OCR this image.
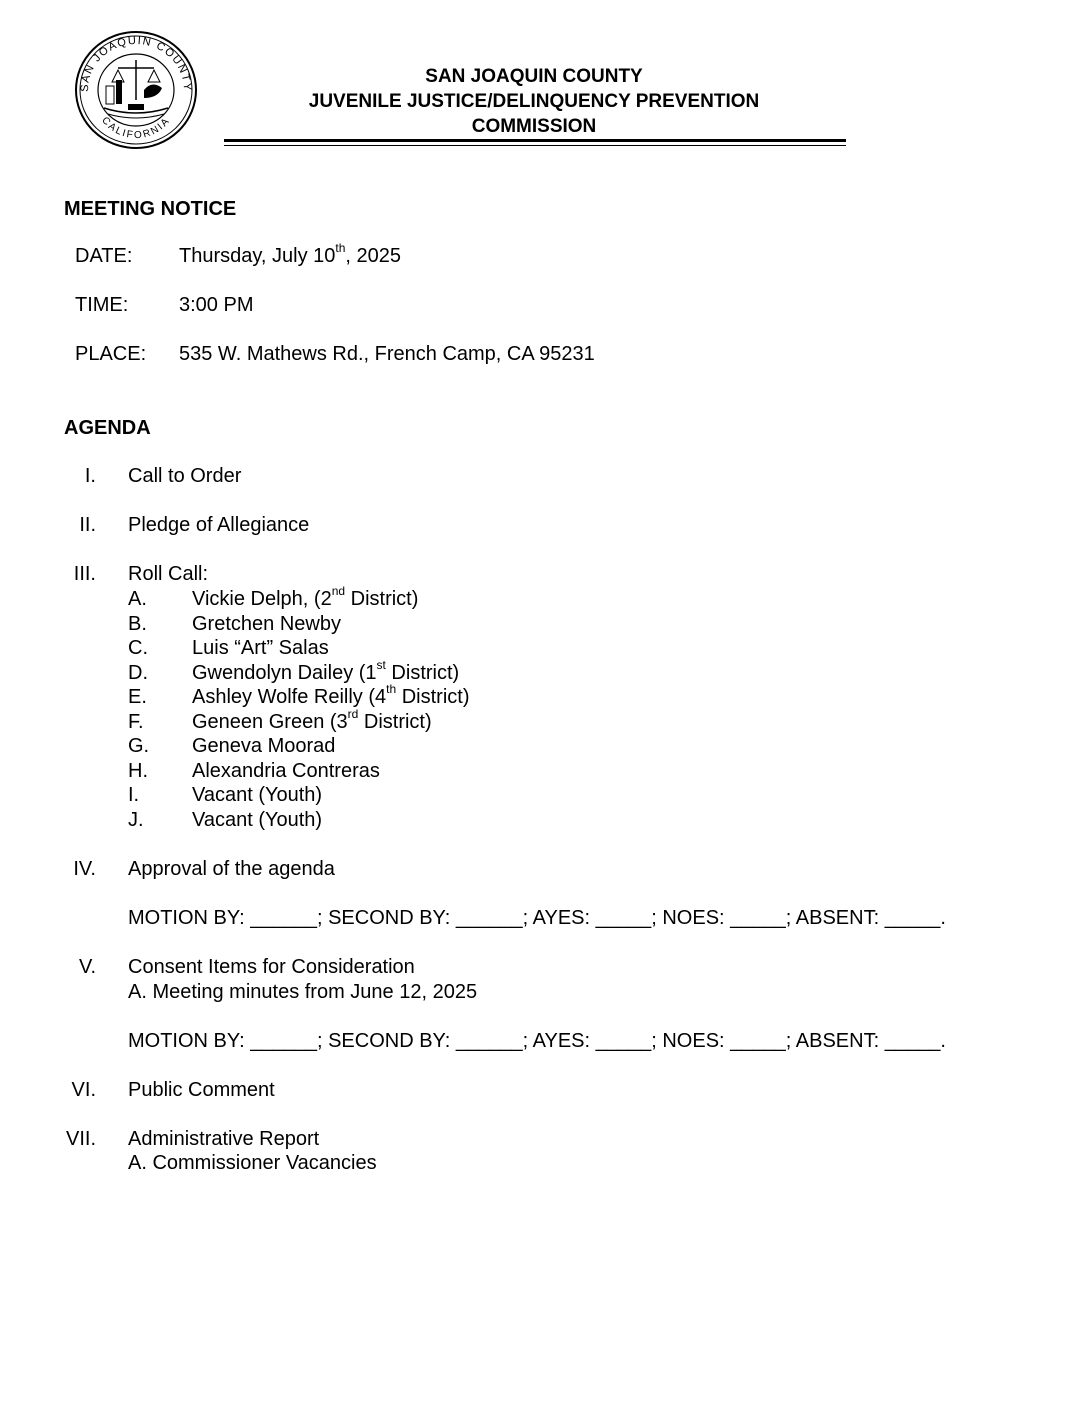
SAN JOAQUIN COUNTY
CALIFORNIA
SAN JOAQUIN COUNTY
JUVENILE JUSTICE/DELINQUENCY PREVENTION
COMMISSION
MEETING NOTICE
DATE: Thursday, July 10th, 2025
TIME:	3:00 PM
PLACE: 535 W. Mathews Rd., French Camp, CA 95231
AGENDA
I. Call to Order
II. Pledge of Allegiance
III. Roll Call:
A. Vickie Delph, (2nd District)
B. Gretchen Newby
C. Luis “Art” Salas
D. Gwendolyn Dailey (1st District)
E. Ashley Wolfe Reilly (4th District)
F. Geneen Green (3rd District)
G. Geneva Moorad
H. Alexandria Contreras
I.	Vacant (Youth)
J. Vacant (Youth)
IV. Approval of the agenda
MOTION BY: ______; SECOND BY: ______; AYES: _____; NOES: _____; ABSENT: _____.
V. Consent Items for Consideration
A. Meeting minutes from June 12, 2025
MOTION BY: ______; SECOND BY: ______; AYES: _____; NOES: _____; ABSENT: _____.
VI. Public Comment
VII. Administrative Report
A. Commissioner Vacancies
